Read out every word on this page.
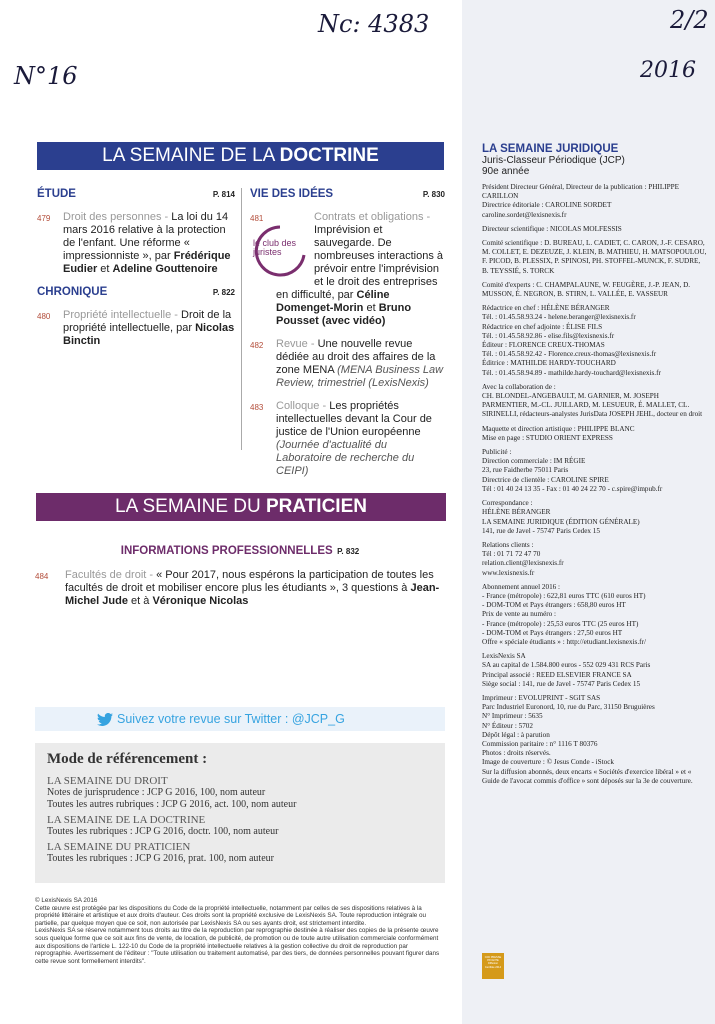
Nc: 4383
N°16
2/2
2016
LA SEMAINE DE LA DOCTRINE
ÉTUDE	P. 814
479 Droit des personnes - La loi du 14 mars 2016 relative à la protection de l'enfant. Une réforme « impressionniste », par Frédérique Eudier et Adeline Gouttenoire
CHRONIQUE	P. 822
480 Propriété intellectuelle - Droit de la propriété intellectuelle, par Nicolas Binctin
VIE DES IDÉES	P. 830
481
le club des juristes
Contrats et obligations - Imprévision et sauvegarde. De nombreuses interactions à prévoir entre l'imprévision et le droit des entreprises en difficulté, par Céline Domenget-Morin et Bruno Pousset (avec vidéo)
482 Revue - Une nouvelle revue dédiée au droit des affaires de la zone MENA (MENA Business Law Review, trimestriel (LexisNexis)
483 Colloque - Les propriétés intellectuelles devant la Cour de justice de l'Union européenne (Journée d'actualité du Laboratoire de recherche du CEIPI)
LA SEMAINE DU PRATICIEN
INFORMATIONS PROFESSIONNELLES P. 832
484 Facultés de droit - « Pour 2017, nous espérons la participation de toutes les facultés de droit et mobiliser encore plus les étudiants », 3 questions à Jean-Michel Jude et à Véronique Nicolas
Suivez votre revue sur Twitter : @JCP_G
Mode de référencement :
LA SEMAINE DU DROIT
Notes de jurisprudence : JCP G 2016, 100, nom auteur
Toutes les autres rubriques : JCP G 2016, act. 100, nom auteur
LA SEMAINE DE LA DOCTRINE
Toutes les rubriques : JCP G 2016, doctr. 100, nom auteur
LA SEMAINE DU PRATICIEN
Toutes les rubriques : JCP G 2016, prat. 100, nom auteur
© LexisNexis SA 2016
Cette œuvre est protégée par les dispositions du Code de la propriété intellectuelle, notamment par celles de ses dispositions relatives à la propriété littéraire et artistique et aux droits d'auteur. Ces droits sont la propriété exclusive de LexisNexis SA. Toute reproduction intégrale ou partielle, par quelque moyen que ce soit, non autorisée par LexisNexis SA ou ses ayants droit, est strictement interdite.
LexisNexis SA se réserve notamment tous droits au titre de la reproduction par reprographie destinée à réaliser des copies de la présente œuvre sous quelque forme que ce soit aux fins de vente, de location, de publicité, de promotion ou de toute autre utilisation commerciale conformément aux dispositions de l'article L. 122-10 du Code de la propriété intellectuelle relatives à la gestion collective du droit de reproduction par reprographie. Avertissement de l'éditeur : "Toute utilisation ou traitement automatisé, par des tiers, de données personnelles pouvant figurer dans cette revue sont formellement interdits".
LA SEMAINE JURIDIQUE
Juris-Classeur Périodique (JCP)
90e année
Président Directeur Général, Directeur de la publication : PHILIPPE CARILLON
Directrice éditoriale : CAROLINE SORDET
caroline.sordet@lexisnexis.fr
Directeur scientifique : NICOLAS MOLFESSIS
Comité scientifique : D. BUREAU, L. CADIET, C. CARON, J.-F. CESARO, M. COLLET, E. DEZEUZE, J. KLEIN, B. MATHIEU, H. MATSOPOULOU, F. PICOD, B. PLESSIX, P. SPINOSI, PH. STOFFEL-MUNCK, F. SUDRE, B. TEYSSIÉ, S. TORCK
Comité d'experts : C. CHAMPALAUNE, W. FEUGÈRE, J.-P. JEAN, D. MUSSON, É. NEGRON, B. STIRN, L. VALLÉE, E. VASSEUR
Rédactrice en chef : HÉLÈNE BÉRANGER
Tél. : 01.45.58.93.24 - helene.beranger@lexisnexis.fr
Rédactrice en chef adjointe : ÉLISE FILS
Tél. : 01.45.58.92.86 - elise.fils@lexisnexis.fr
Éditeur : FLORENCE CREUX-THOMAS
Tél. : 01.45.58.92.42 - Florence.creux-thomas@lexisnexis.fr
Éditrice : MATHILDE HARDY-TOUCHARD
Tél. : 01.45.58.94.89 - mathilde.hardy-touchard@lexisnexis.fr
Avec la collaboration de :
CH. BLONDEL-ANGEBAULT, M. GARNIER, M. JOSEPH PARMENTIER, M.-CL. JUILLARD, M. LESUEUR, É. MALLET, CL. SIRINELLI, rédacteurs-analystes JurisData JOSEPH JEHL, docteur en droit
Maquette et direction artistique : PHILIPPE BLANC
Mise en page : STUDIO ORIENT EXPRESS
Publicité :
Direction commerciale : IM RÉGIE
23, rue Faidherbe 75011 Paris
Directrice de clientèle : CAROLINE SPIRE
Tél : 01 40 24 13 35 - Fax : 01 40 24 22 70 - c.spire@impub.fr
Correspondance :
HÉLÈNE BÉRANGER
LA SEMAINE JURIDIQUE (ÉDITION GÉNÉRALE)
141, rue de Javel - 75747 Paris Cedex 15
Relations clients :
Tél : 01 71 72 47 70
relation.client@lexisnexis.fr
www.lexisnexis.fr
Abonnement annuel 2016 :
- France (métropole) : 622,81 euros TTC (610 euros HT)
- DOM-TOM et Pays étrangers : 658,80 euros HT
Prix de vente au numéro :
- France (métropole) : 25,53 euros TTC (25 euros HT)
- DOM-TOM et Pays étrangers : 27,50 euros HT
Offre « spéciale étudiants » : http://etudiant.lexisnexis.fr/
LexisNexis SA
SA au capital de 1.584.800 euros - 552 029 431 RCS Paris
Principal associé : REED ELSEVIER FRANCE SA
Siège social : 141, rue de Javel - 75747 Paris Cedex 15
Imprimeur : EVOLUPRINT - SGIT SAS
Parc Industriel Euronord, 10, rue du Parc, 31150 Bruguières
N° Imprimeur : 5635
N° Éditeur : 5702
Dépôt légal : à parution
Commission paritaire : n° 1116 T 80376
Photos : droits réservés.
Image de couverture : © Jesus Conde - iStock
Sur la diffusion abonnés, deux encarts « Sociétés d'exercice libéral » et « Guide de l'avocat commis d'office » sont déposés sur la 3e de couverture.
OJD PRESSE PAYANTE Diffusion Certifiée 2014
